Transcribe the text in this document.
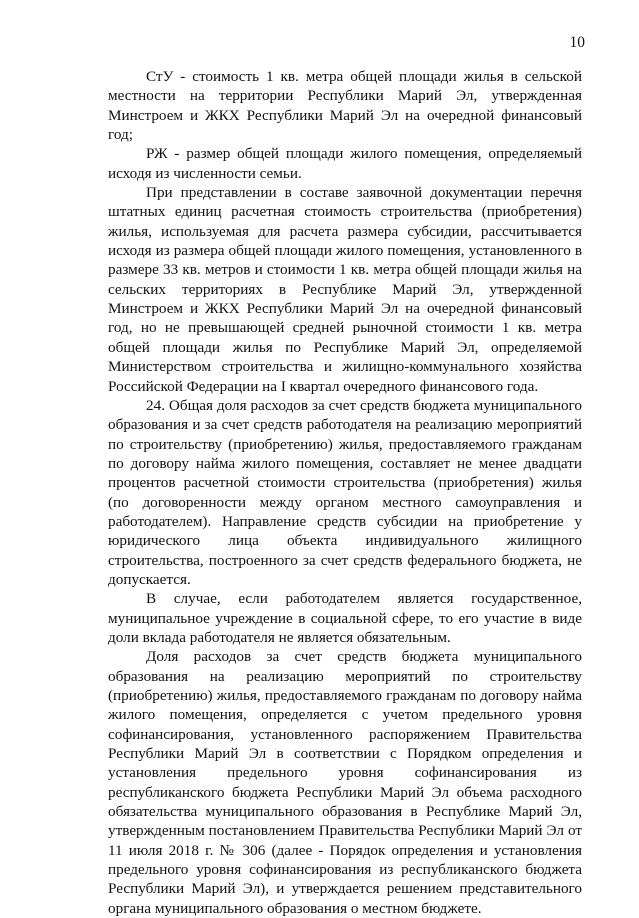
10

СтУ - стоимость 1 кв. метра общей площади жилья в сельской местности на территории Республики Марий Эл, утвержденная Минстроем и ЖКХ Республики Марий Эл на очередной финансовый год;

РЖ - размер общей площади жилого помещения, определяемый исходя из численности семьи.

При представлении в составе заявочной документации перечня штатных единиц расчетная стоимость строительства (приобретения) жилья, используемая для расчета размера субсидии, рассчитывается исходя из размера общей площади жилого помещения, установленного в размере 33 кв. метров и стоимости 1 кв. метра общей площади жилья на сельских территориях в Республике Марий Эл, утвержденной Минстроем и ЖКХ Республики Марий Эл на очередной финансовый год, но не превышающей средней рыночной стоимости 1 кв. метра общей площади жилья по Республике Марий Эл, определяемой Министерством строительства и жилищно-коммунального хозяйства Российской Федерации на I квартал очередного финансового года.

24. Общая доля расходов за счет средств бюджета муниципального образования и за счет средств работодателя на реализацию мероприятий по строительству (приобретению) жилья, предоставляемого гражданам по договору найма жилого помещения, составляет не менее двадцати процентов расчетной стоимости строительства (приобретения) жилья (по договоренности между органом местного самоуправления и работодателем). Направление средств субсидии на приобретение у юридического лица объекта индивидуального жилищного строительства, построенного за счет средств федерального бюджета, не допускается.

В случае, если работодателем является государственное, муниципальное учреждение в социальной сфере, то его участие в виде доли вклада работодателя не является обязательным.

Доля расходов за счет средств бюджета муниципального образования на реализацию мероприятий по строительству (приобретению) жилья, предоставляемого гражданам по договору найма жилого помещения, определяется с учетом предельного уровня софинансирования, установленного распоряжением Правительства Республики Марий Эл в соответствии с Порядком определения и установления предельного уровня софинансирования из республиканского бюджета Республики Марий Эл объема расходного обязательства муниципального образования в Республике Марий Эл, утвержденным постановлением Правительства Республики Марий Эл от 11 июля 2018 г. № 306 (далее - Порядок определения и установления предельного уровня софинансирования из республиканского бюджета Республики Марий Эл), и утверждается решением представительного органа муниципального образования о местном бюджете.
